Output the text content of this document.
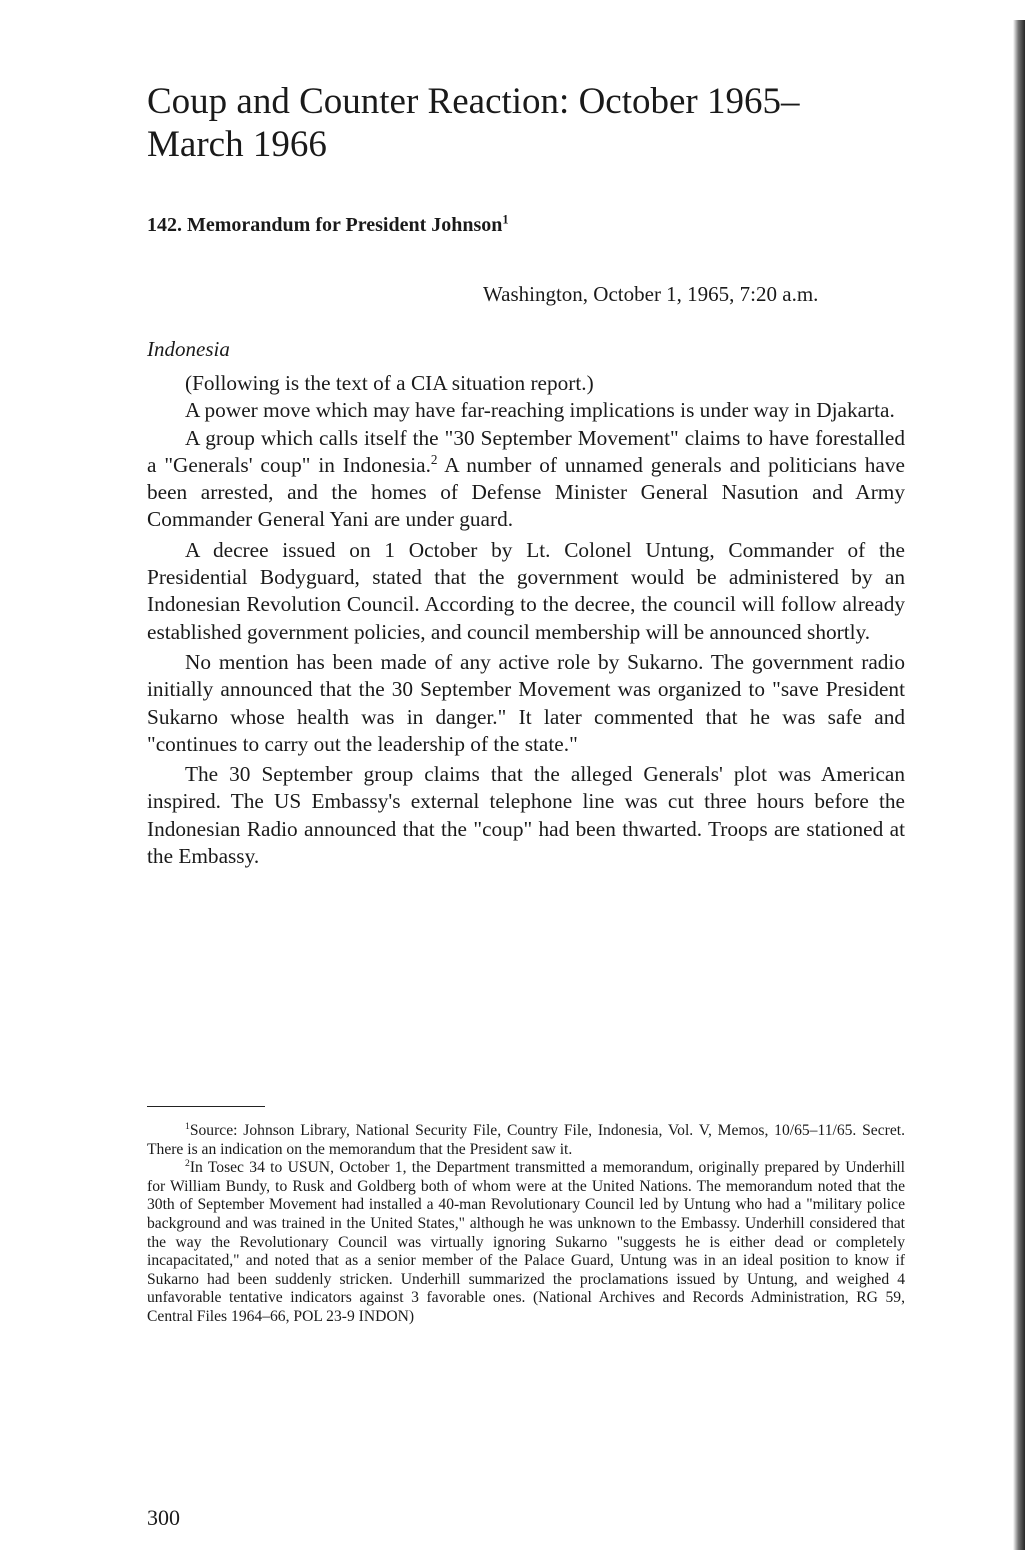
Coup and Counter Reaction: October 1965–March 1966
142. Memorandum for President Johnson$^1$
Washington, October 1, 1965, 7:20 a.m.
Indonesia

(Following is the text of a CIA situation report.)

A power move which may have far-reaching implications is under way in Djakarta.

A group which calls itself the "30 September Movement" claims to have forestalled a "Generals' coup" in Indonesia.$^2$ A number of unnamed generals and politicians have been arrested, and the homes of Defense Minister General Nasution and Army Commander General Yani are under guard.

A decree issued on 1 October by Lt. Colonel Untung, Commander of the Presidential Bodyguard, stated that the government would be administered by an Indonesian Revolution Council. According to the decree, the council will follow already established government policies, and council membership will be announced shortly.

No mention has been made of any active role by Sukarno. The government radio initially announced that the 30 September Movement was organized to "save President Sukarno whose health was in danger." It later commented that he was safe and "continues to carry out the leadership of the state."

The 30 September group claims that the alleged Generals' plot was American inspired. The US Embassy's external telephone line was cut three hours before the Indonesian Radio announced that the "coup" had been thwarted. Troops are stationed at the Embassy.

$^1$Source: Johnson Library, National Security File, Country File, Indonesia, Vol. V, Memos, 10/65–11/65. Secret. There is an indication on the memorandum that the President saw it.

$^2$In Tosec 34 to USUN, October 1, the Department transmitted a memorandum, originally prepared by Underhill for William Bundy, to Rusk and Goldberg both of whom were at the United Nations. The memorandum noted that the 30th of September Movement had installed a 40-man Revolutionary Council led by Untung who had a "military police background and was trained in the United States," although he was unknown to the Embassy. Underhill considered that the way the Revolutionary Council was virtually ignoring Sukarno "suggests he is either dead or completely incapacitated," and noted that as a senior member of the Palace Guard, Untung was in an ideal position to know if Sukarno had been suddenly stricken. Underhill summarized the proclamations issued by Untung, and weighed 4 unfavorable tentative indicators against 3 favorable ones. (National Archives and Records Administration, RG 59, Central Files 1964–66, POL 23-9 INDON)

300
